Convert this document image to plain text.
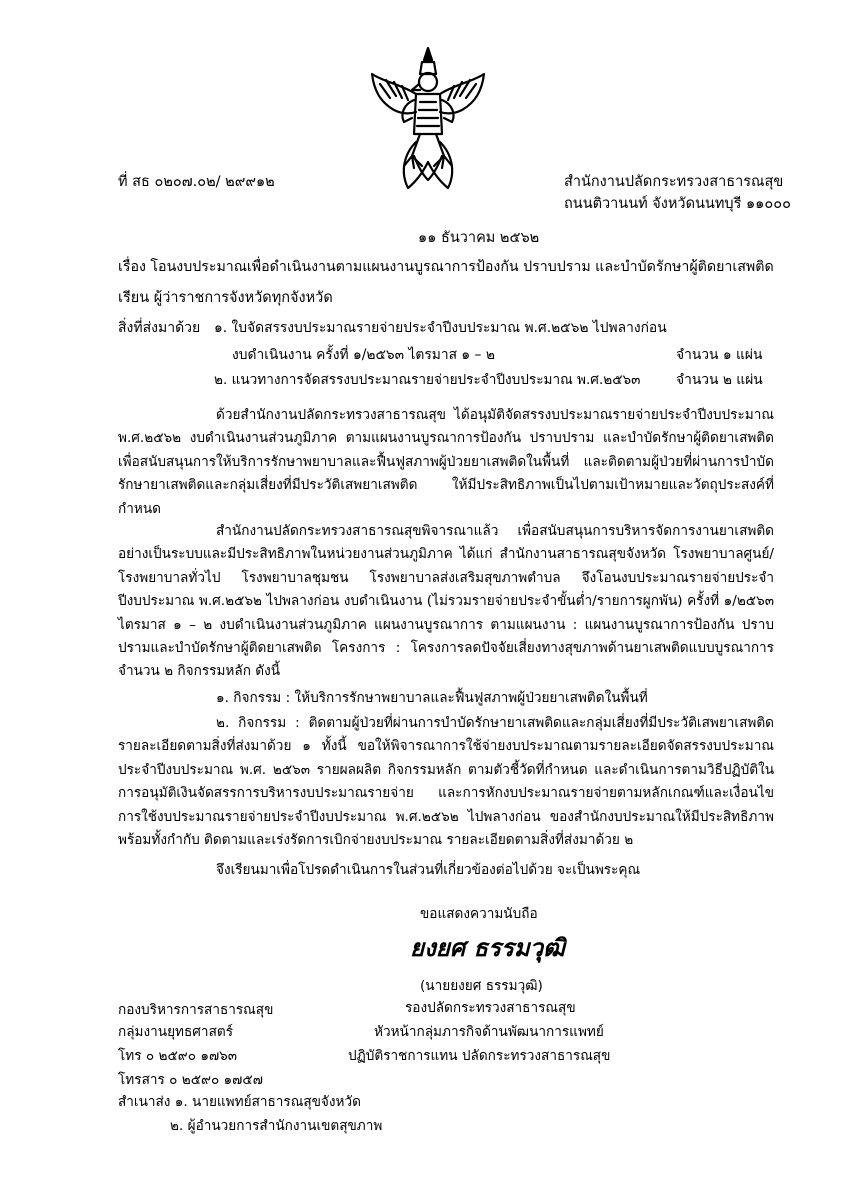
ที่ สธ ๐๒๐๗.๐๒/ ๒๙๙๑๒	สำนักงานปลัดกระทรวงสาธารณสุข
ถนนติวานนท์ จังหวัดนนทบุรี ๑๑๐๐๐
๑๑ ธันวาคม ๒๕๖๒
เรื่อง โอนงบประมาณเพื่อดำเนินงานตามแผนงานบูรณาการป้องกัน ปราบปราม และบำบัดรักษาผู้ติดยาเสพติด
เรียน ผู้ว่าราชการจังหวัดทุกจังหวัด
สิ่งที่ส่งมาด้วย ๑. ใบจัดสรรงบประมาณรายจ่ายประจำปีงบประมาณ พ.ศ.๒๕๖๒ ไปพลางก่อน
งบดำเนินงาน ครั้งที่ ๑/๒๕๖๓ ไตรมาส ๑ – ๒	จำนวน ๑ แผ่น
๒. แนวทางการจัดสรรงบประมาณรายจ่ายประจำปีงบประมาณ พ.ศ.๒๕๖๓	จำนวน ๒ แผ่น
ด้วยสำนักงานปลัดกระทรวงสาธารณสุข ได้อนุมัติจัดสรรงบประมาณรายจ่ายประจำปีงบประมาณ พ.ศ.๒๕๖๒ งบดำเนินงานส่วนภูมิภาค ตามแผนงานบูรณาการป้องกัน ปราบปราม และบำบัดรักษาผู้ติดยาเสพติด เพื่อสนับสนุนการให้บริการรักษาพยาบาลและฟื้นฟูสภาพผู้ป่วยยาเสพติดในพื้นที่ และติดตามผู้ป่วยที่ผ่านการบำบัดรักษายาเสพติดและกลุ่มเสี่ยงที่มีประวัติเสพยาเสพติด ให้มีประสิทธิภาพเป็นไปตามเป้าหมายและวัตถุประสงค์ที่กำหนด
สำนักงานปลัดกระทรวงสาธารณสุขพิจารณาแล้ว เพื่อสนับสนุนการบริหารจัดการงานยาเสพติดอย่างเป็นระบบและมีประสิทธิภาพในหน่วยงานส่วนภูมิภาค ได้แก่ สำนักงานสาธารณสุขจังหวัด โรงพยาบาลศูนย์/โรงพยาบาลทั่วไป โรงพยาบาลชุมชน โรงพยาบาลส่งเสริมสุขภาพตำบล จึงโอนงบประมาณรายจ่ายประจำปีงบประมาณ พ.ศ.๒๕๖๒ ไปพลางก่อน งบดำเนินงาน (ไม่รวมรายจ่ายประจำขั้นต่ำ/รายการผูกพัน) ครั้งที่ ๑/๒๕๖๓ ไตรมาส ๑ – ๒ งบดำเนินงานส่วนภูมิภาค แผนงานบูรณาการ ตามแผนงาน : แผนงานบูรณาการป้องกัน ปราบปรามและบำบัดรักษาผู้ติดยาเสพติด โครงการ : โครงการลดปัจจัยเสี่ยงทางสุขภาพด้านยาเสพติดแบบบูรณาการ จำนวน ๒ กิจกรรมหลัก ดังนี้
๑. กิจกรรม : ให้บริการรักษาพยาบาลและฟื้นฟูสภาพผู้ป่วยยาเสพติดในพื้นที่
๒. กิจกรรม : ติดตามผู้ป่วยที่ผ่านการบำบัดรักษายาเสพติดและกลุ่มเสี่ยงที่มีประวัติเสพยาเสพติด รายละเอียดตามสิ่งที่ส่งมาด้วย ๑ ทั้งนี้ ขอให้พิจารณาการใช้จ่ายงบประมาณตามรายละเอียดจัดสรรงบประมาณประจำปีงบประมาณ พ.ศ. ๒๕๖๓ รายผลผลิต กิจกรรมหลัก ตามตัวชี้วัดที่กำหนด และดำเนินการตามวิธีปฏิบัติในการอนุมัติเงินจัดสรรการบริหารงบประมาณรายจ่าย และการหักงบประมาณรายจ่ายตามหลักเกณฑ์และเงื่อนไขการใช้งบประมาณรายจ่ายประจำปีงบประมาณ พ.ศ.๒๕๖๒ ไปพลางก่อน ของสำนักงบประมาณให้มีประสิทธิภาพพร้อมทั้งกำกับ ติดตามและเร่งรัดการเบิกจ่ายงบประมาณ รายละเอียดตามสิ่งที่ส่งมาด้วย ๒
จึงเรียนมาเพื่อโปรดดำเนินการในส่วนที่เกี่ยวข้องต่อไปด้วย จะเป็นพระคุณ
ขอแสดงความนับถือ
ยงยศ ธรรมวุฒิ
(นายยงยศ ธรรมวุฒิ)
รองปลัดกระทรวงสาธารณสุข
หัวหน้ากลุ่มภารกิจด้านพัฒนาการแพทย์
ปฏิบัติราชการแทน ปลัดกระทรวงสาธารณสุข
กองบริหารการสาธารณสุข
กลุ่มงานยุทธศาสตร์
โทร ๐ ๒๕๙๐ ๑๗๖๓
โทรสาร ๐ ๒๕๙๐ ๑๗๕๗
สำเนาส่ง ๑. นายแพทย์สาธารณสุขจังหวัด
๒. ผู้อำนวยการสำนักงานเขตสุขภาพ
